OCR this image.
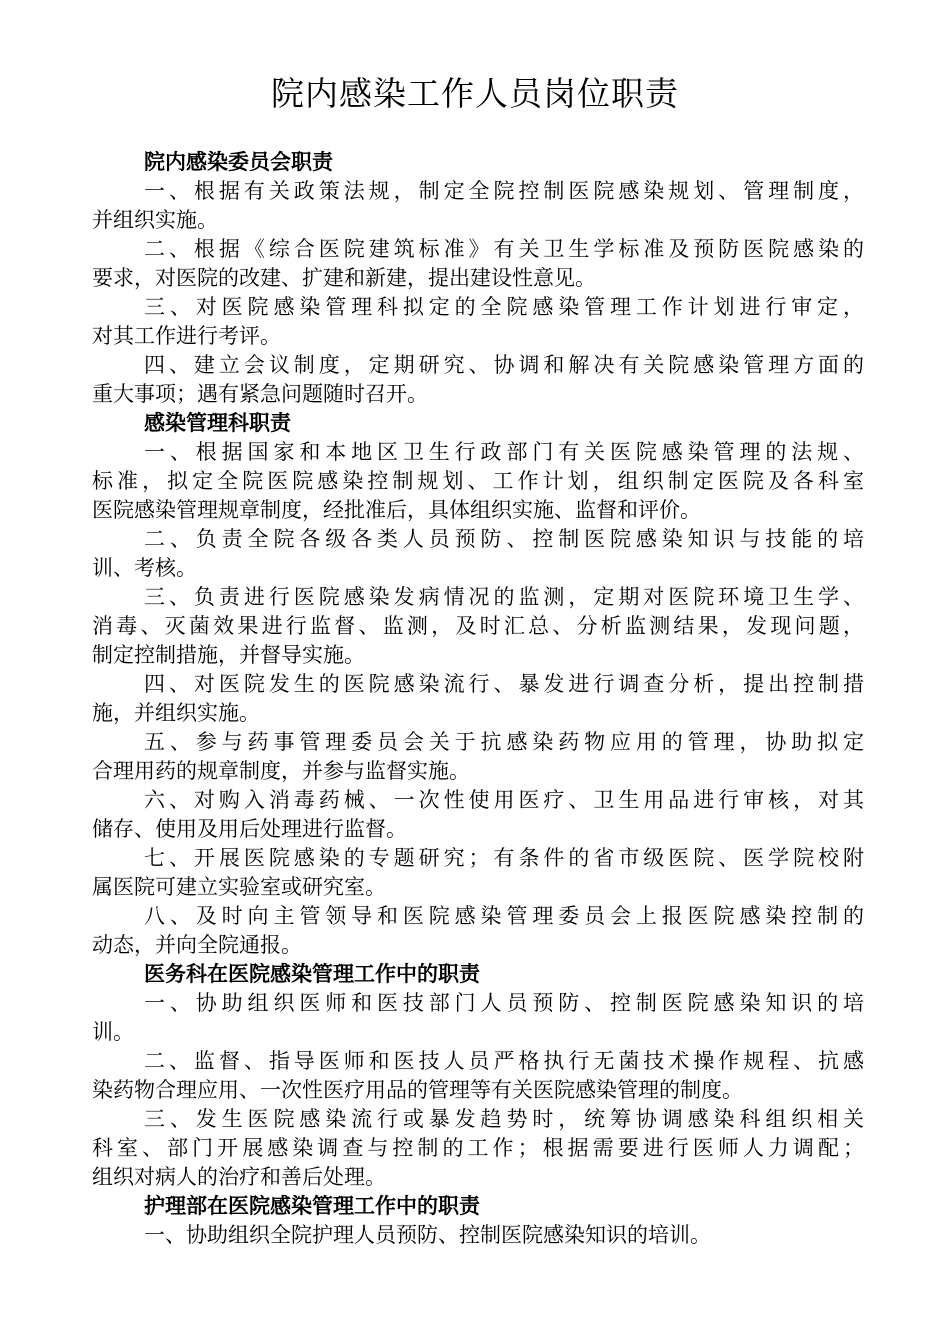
院内感染工作人员岗位职责
院内感染委员会职责
一、根据有关政策法规，制定全院控制医院感染规划、管理制度，
并组织实施。
二、根据《综合医院建筑标准》有关卫生学标准及预防医院感染的
要求，对医院的改建、扩建和新建，提出建设性意见。
三、对医院感染管理科拟定的全院感染管理工作计划进行审定，
对其工作进行考评。
四、建立会议制度，定期研究、协调和解决有关院感染管理方面的
重大事项；遇有紧急问题随时召开。
感染管理科职责
一、根据国家和本地区卫生行政部门有关医院感染管理的法规、
标准，拟定全院医院感染控制规划、工作计划，组织制定医院及各科室
医院感染管理规章制度，经批准后，具体组织实施、监督和评价。
二、负责全院各级各类人员预防、控制医院感染知识与技能的培
训、考核。
三、负责进行医院感染发病情况的监测，定期对医院环境卫生学、
消毒、灭菌效果进行监督、监测，及时汇总、分析监测结果，发现问题，
制定控制措施，并督导实施。
四、对医院发生的医院感染流行、暴发进行调查分析，提出控制措
施，并组织实施。
五、参与药事管理委员会关于抗感染药物应用的管理，协助拟定
合理用药的规章制度，并参与监督实施。
六、对购入消毒药械、一次性使用医疗、卫生用品进行审核，对其
储存、使用及用后处理进行监督。
七、开展医院感染的专题研究；有条件的省市级医院、医学院校附
属医院可建立实验室或研究室。
八、及时向主管领导和医院感染管理委员会上报医院感染控制的
动态，并向全院通报。
医务科在医院感染管理工作中的职责
一、协助组织医师和医技部门人员预防、控制医院感染知识的培
训。
二、监督、指导医师和医技人员严格执行无菌技术操作规程、抗感
染药物合理应用、一次性医疗用品的管理等有关医院感染管理的制度。
三、发生医院感染流行或暴发趋势时，统筹协调感染科组织相关
科室、部门开展感染调查与控制的工作；根据需要进行医师人力调配；
组织对病人的治疗和善后处理。
护理部在医院感染管理工作中的职责
一、协助组织全院护理人员预防、控制医院感染知识的培训。
